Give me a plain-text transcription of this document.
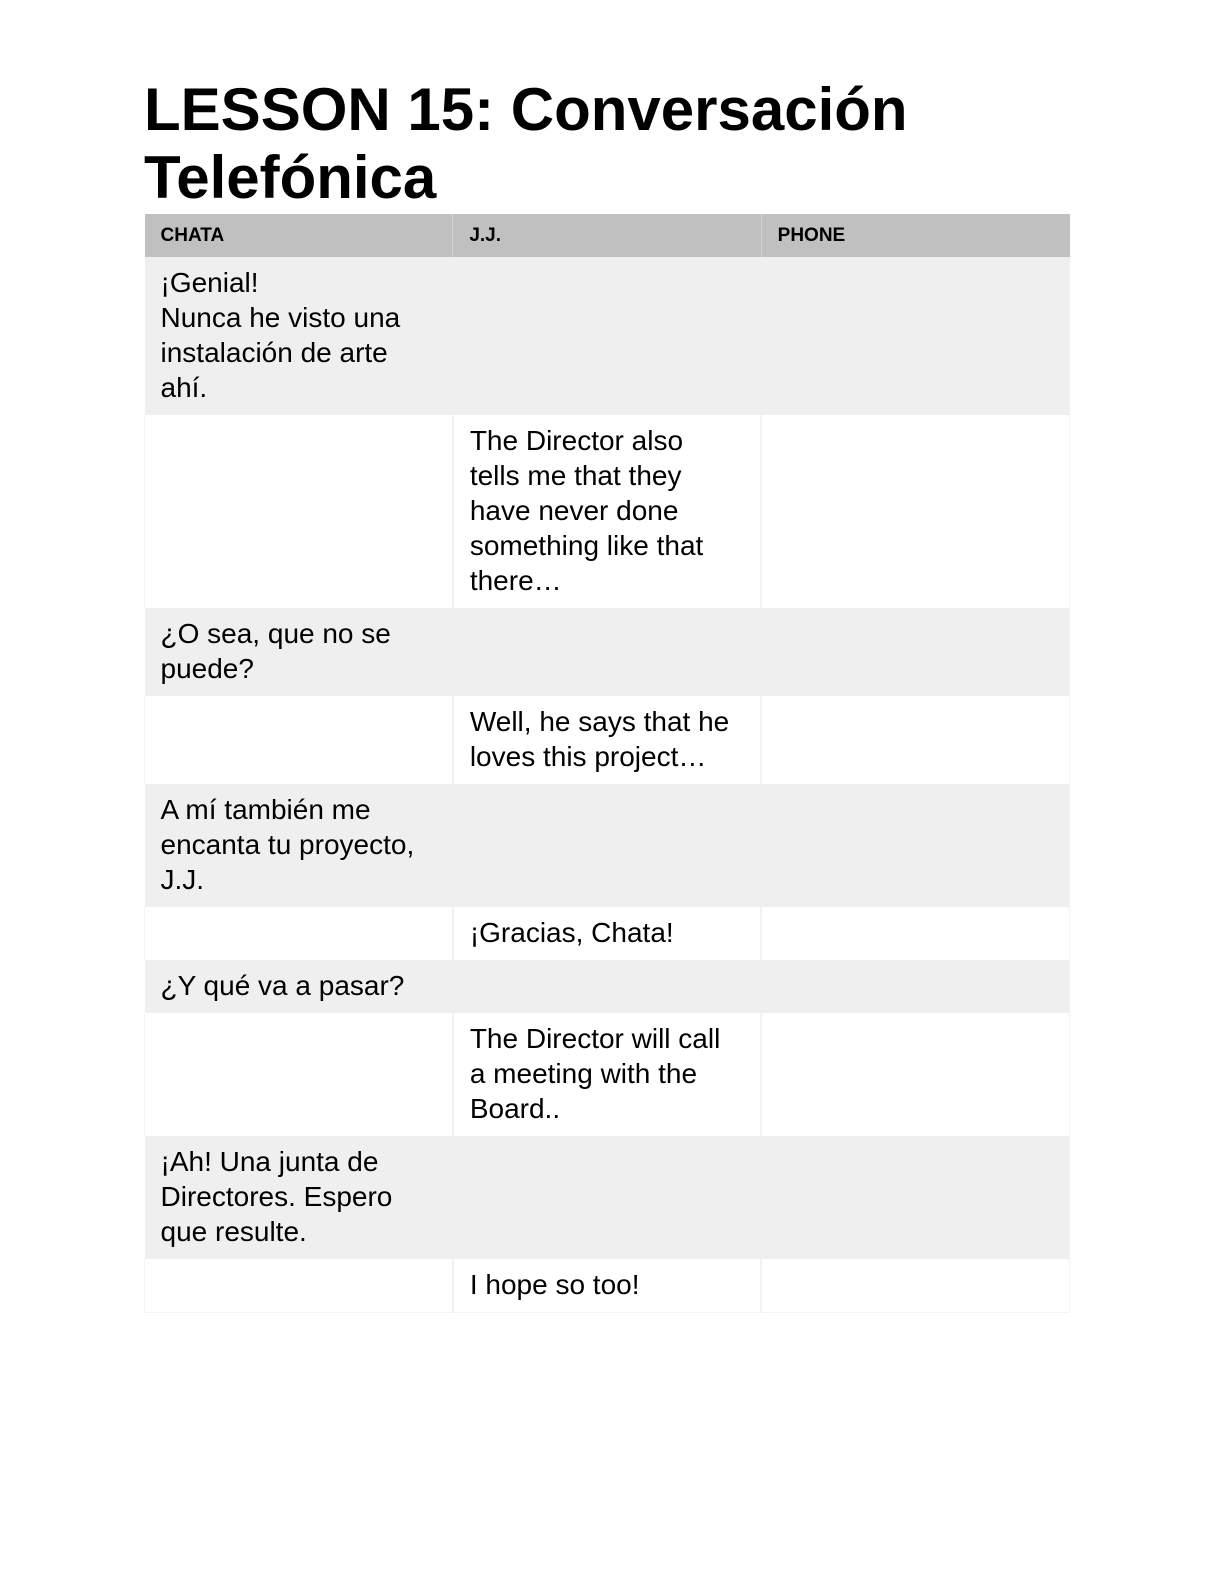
LESSON 15: Conversación
Telefónica
CHATA	J.J.	PHONE
¡Genial!
Nunca he visto una
instalación de arte
ahí.		
	The Director also
tells me that they
have never done
something like that
there…	
¿O sea, que no se
puede?		
	Well, he says that he
loves this project…	
A mí también me
encanta tu proyecto,
J.J.		
	¡Gracias, Chata!	
¿Y qué va a pasar?		
	The Director will call
a meeting with the
Board..	
¡Ah! Una junta de
Directores. Espero
que resulte.		
	I hope so too!	
